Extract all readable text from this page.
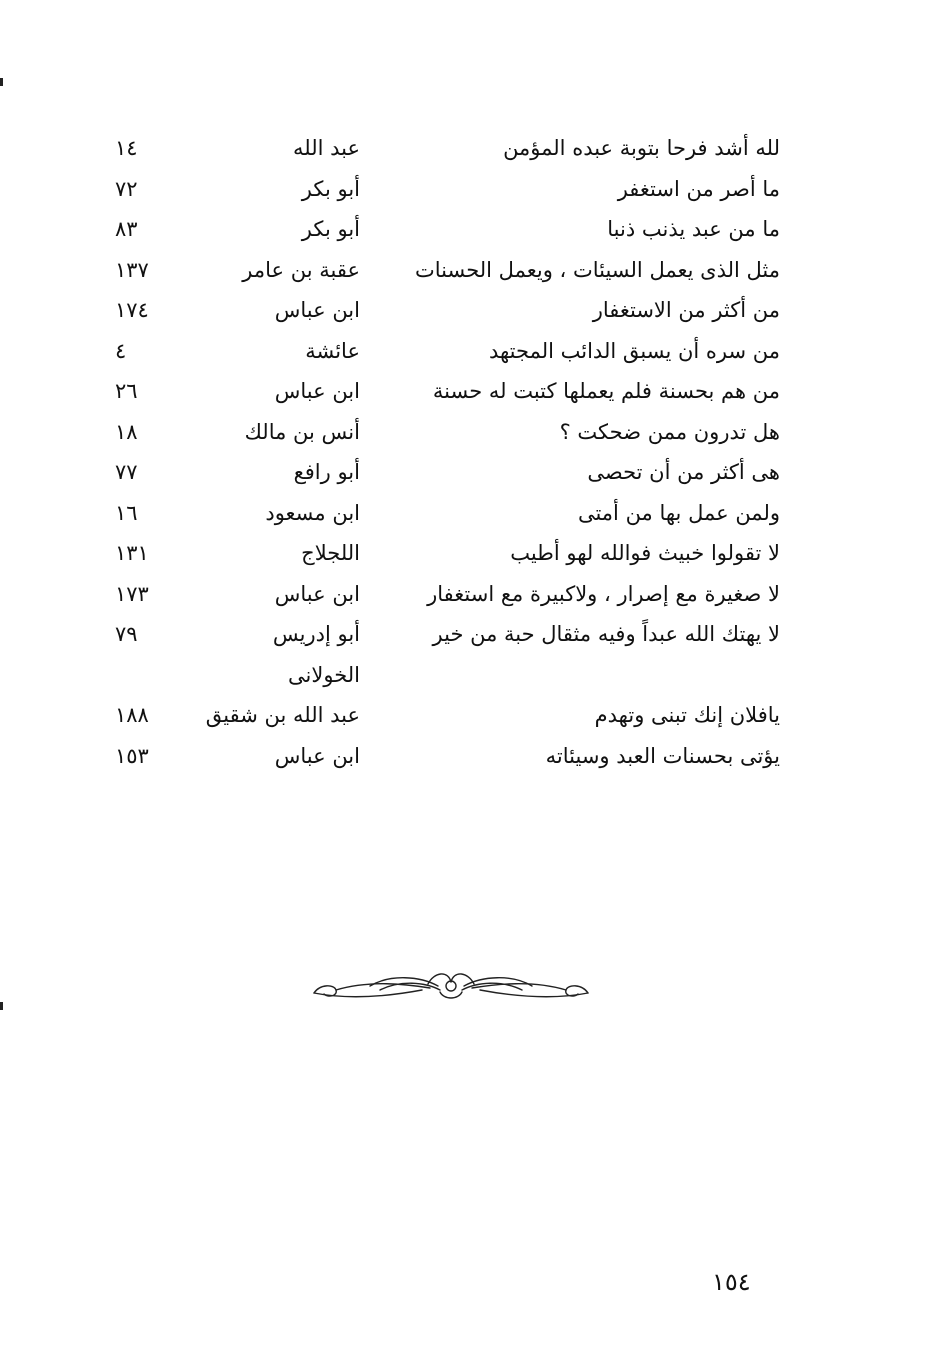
لله أشد فرحا بتوبة عبده المؤمن
عبد الله
١٤
ما أصر من استغفر
أبو بكر
٧٢
ما من عبد يذنب ذنبا
أبو بكر
٨٣
مثل الذى يعمل السيئات ، ويعمل الحسنات
عقبة بن عامر
١٣٧
من أكثر من الاستغفار
ابن عباس
١٧٤
من سره أن يسبق الدائب المجتهد
عائشة
٤
من هم بحسنة فلم يعملها كتبت له حسنة
ابن عباس
٢٦
هل تدرون ممن ضحكت ؟
أنس بن مالك
١٨
هى أكثر من أن تحصى
أبو رافع
٧٧
ولمن عمل بها من أمتى
ابن مسعود
١٦
لا تقولوا خبيث فوالله لهو أطيب
اللجلاج
١٣١
لا صغيرة مع إصرار ، ولاكبيرة مع استغفار
ابن عباس
١٧٣
لا يهتك الله عبداً وفيه مثقال حبة من خير
أبو إدريس
الخولانى
٧٩
يافلان إنك تبنى وتهدم
عبد الله بن شقيق
١٨٨
يؤتى بحسنات العبد وسيئاته
ابن عباس
١٥٣
١٥٤
